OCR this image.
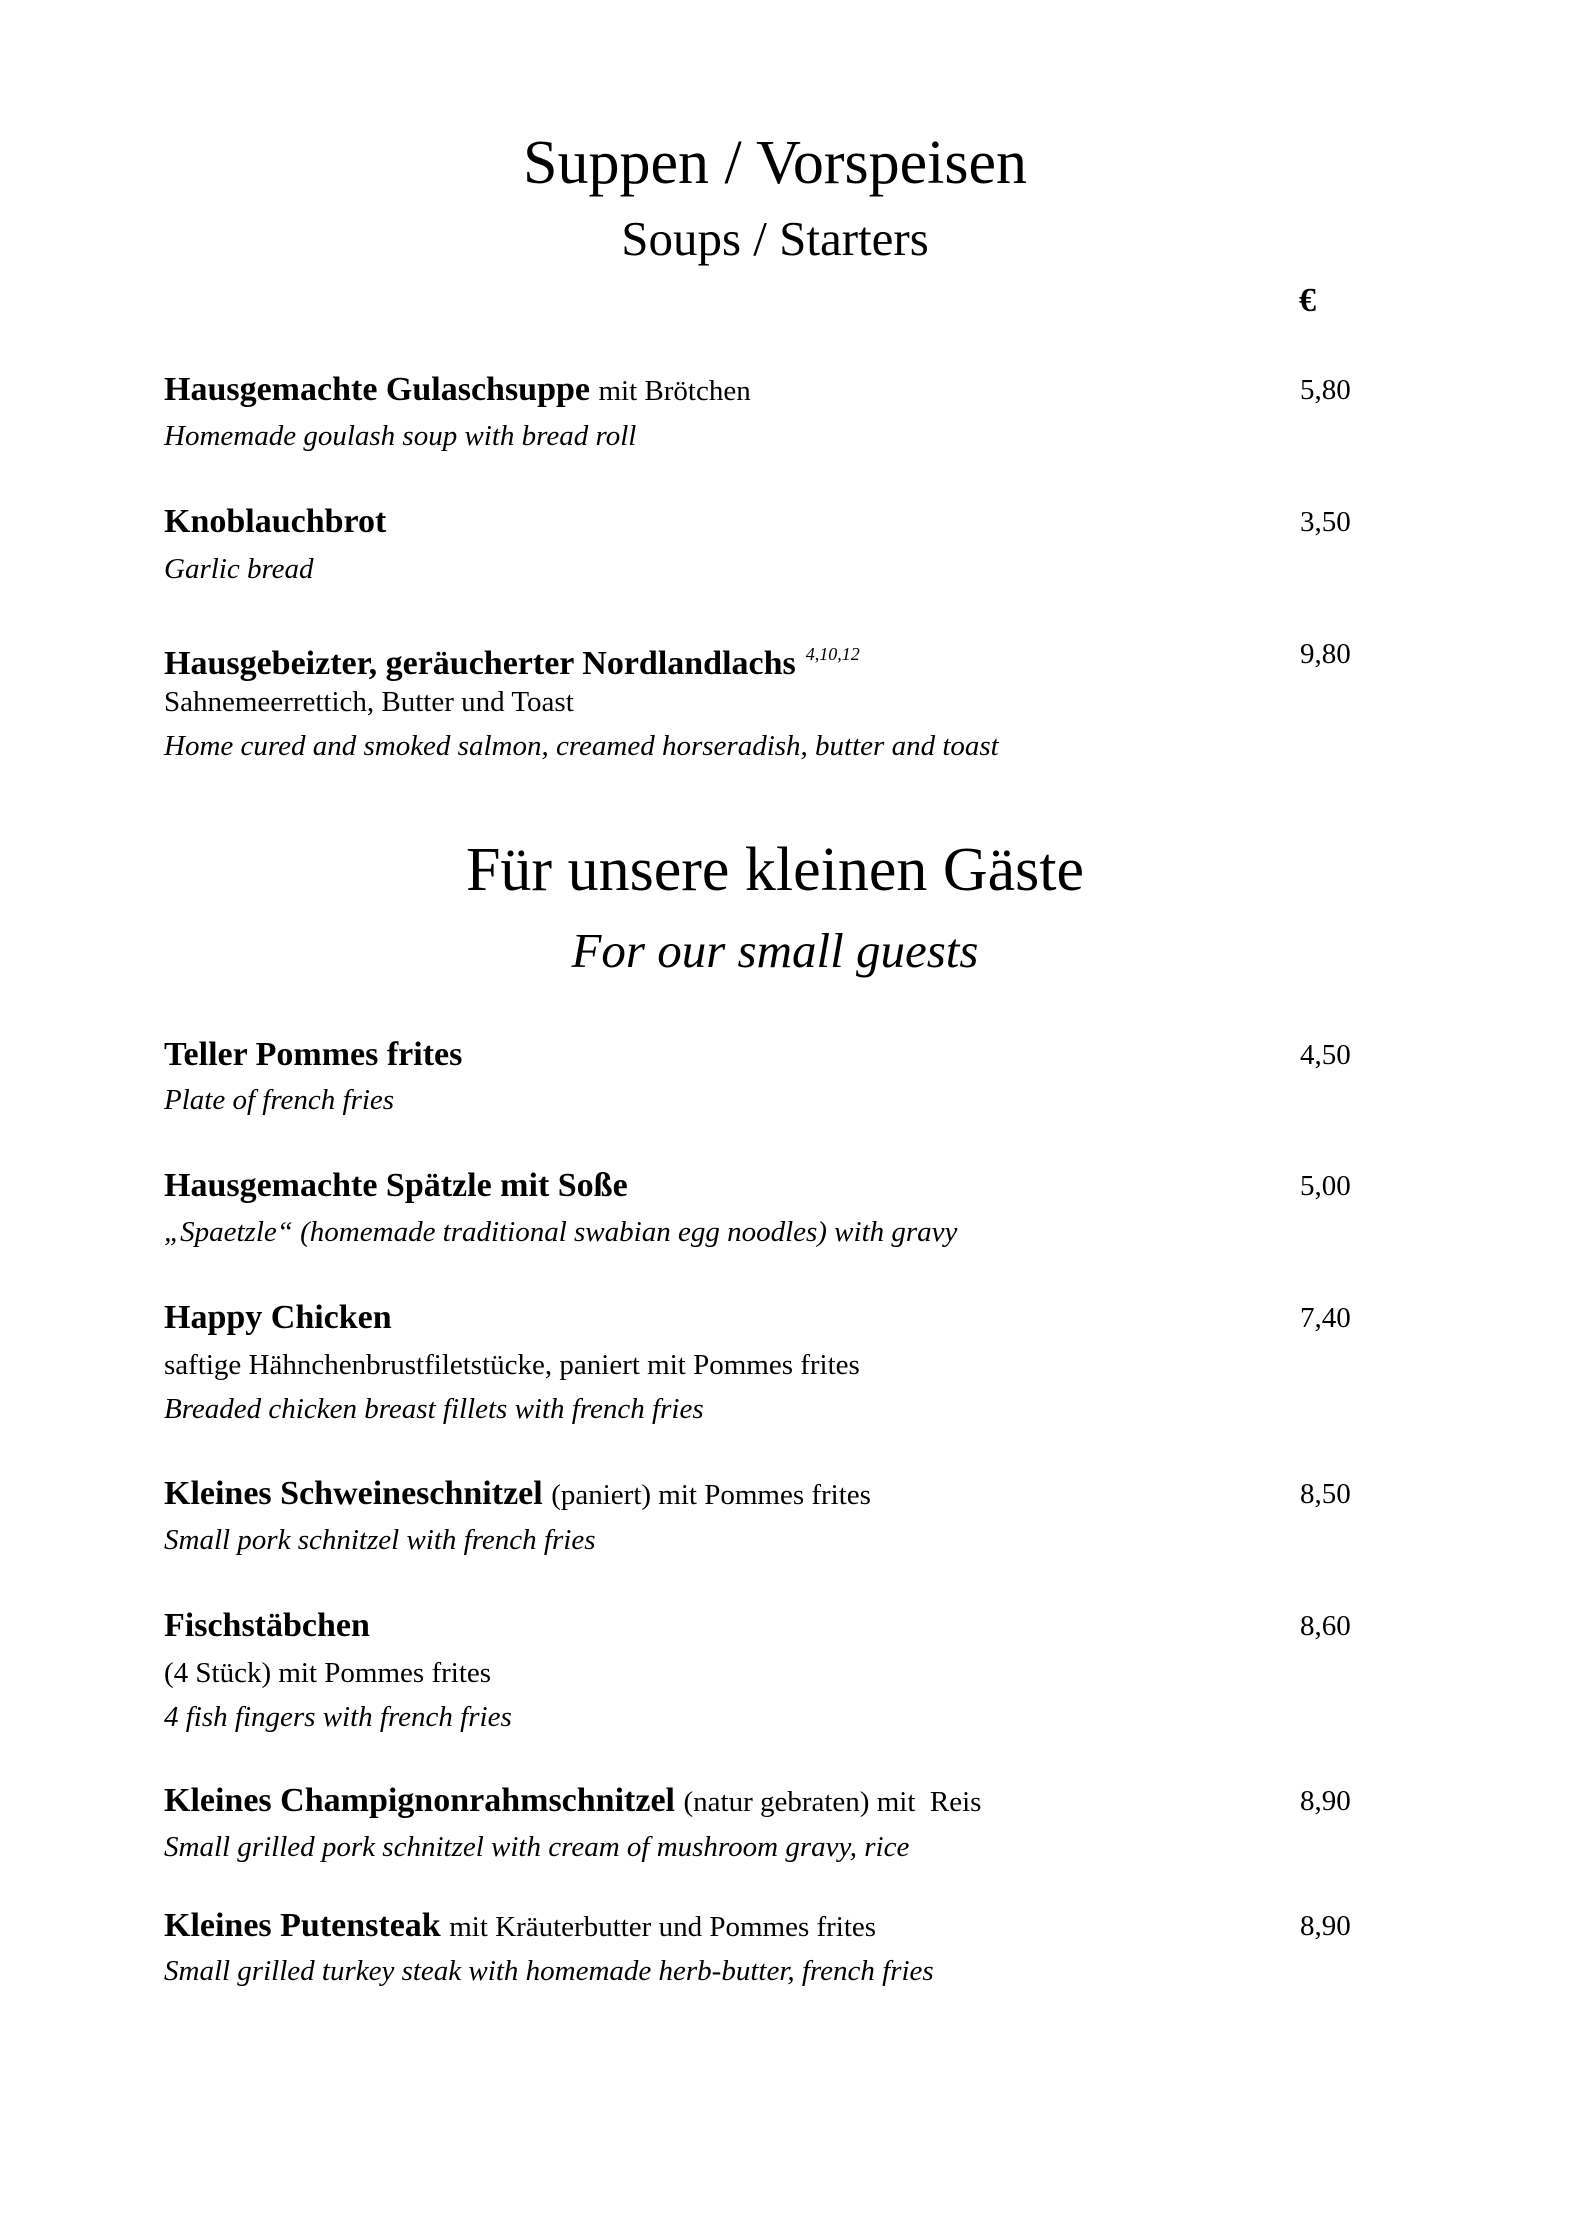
Suppen / Vorspeisen
Soups / Starters
€
Hausgemachte Gulaschsuppe mit Brötchen	5,80
Homemade goulash soup with bread roll
Knoblauchbrot	3,50
Garlic bread
Hausgebeizter, geräucherter Nordlandlachs $^{4,10,12}$	9,80
Sahnemeerrettich, Butter und Toast
Home cured and smoked salmon, creamed horseradish, butter and toast
Für unsere kleinen Gäste
For our small guests
Teller Pommes frites	4,50
Plate of french fries
Hausgemachte Spätzle mit Soße	5,00
„Spaetzle“ (homemade traditional swabian egg noodles) with gravy
Happy Chicken	7,40
saftige Hähnchenbrustfiletstücke, paniert mit Pommes frites
Breaded chicken breast fillets with french fries
Kleines Schweineschnitzel (paniert) mit Pommes frites	8,50
Small pork schnitzel with french fries
Fischstäbchen	8,60
(4 Stück) mit Pommes frites
4 fish fingers with french fries
Kleines Champignonrahmschnitzel (natur gebraten) mit  Reis	8,90
Small grilled pork schnitzel with cream of mushroom gravy, rice
Kleines Putensteak mit Kräuterbutter und Pommes frites	8,90
Small grilled turkey steak with homemade herb-butter, french fries
